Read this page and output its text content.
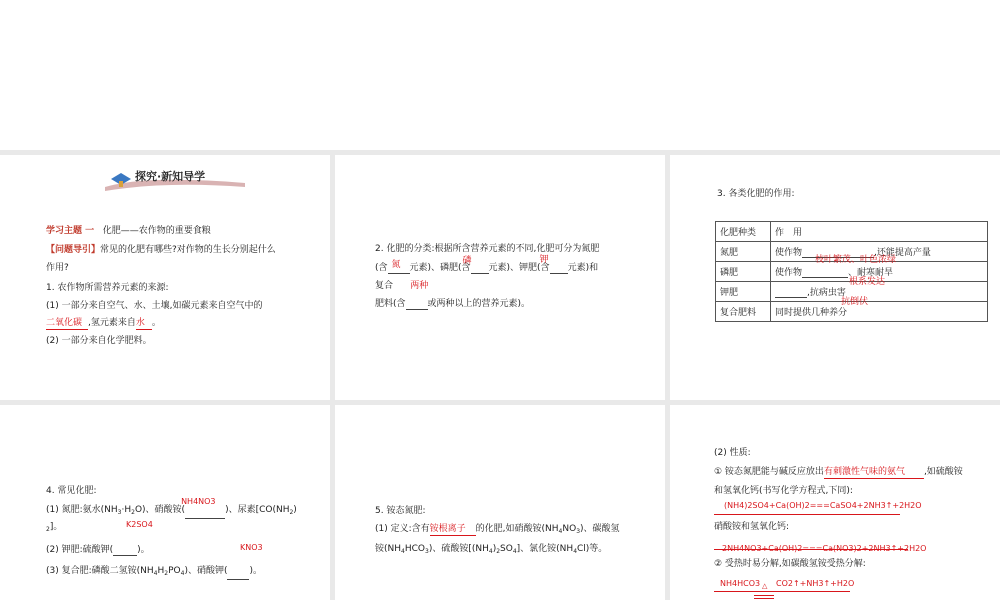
探究·新知导学
学习主题 一 化肥——农作物的重要食粮
【问题导引】常见的化肥有哪些?对作物的生长分别起什么
作用?
1. 农作物所需营养元素的来源:
(1) 一部分来自空气、水、土壤,如碳元素来自空气中的
二氧化碳 ,氢元素来自水 。
(2) 一部分来自化学肥料。
2. 化肥的分类:根据所含营养元素的不同,化肥可分为氮肥
(含 氮 元素)、磷肥(含
磷
元素)、钾肥(含
钾
元素)和
复合 两种
肥料(含 或两种以上的营养元素)。
3. 各类化肥的作用:
化肥种类	作　用
氮肥	使作物 ,还能提高产量
枝叶繁茂、叶色浓绿

磷肥	使作物 、耐寒耐旱
根系发达

钾肥	,抗病虫害
抗倒伏

复合肥料	同时提供几种养分
4. 常见化肥:
(1) 氮肥:氨水$(NH_3\cdot H_2O)$、硝酸铵(
NH4NO3
)、尿素[$CO(NH_2)$
$_2$]。	K2SO4
(2) 钾肥:硫酸钾(	)。	KNO3
(3) 复合肥:磷酸二氢铵$(NH_4H_2PO_4)$、硝酸钾( )。
5. 铵态氮肥:
(1) 定义:含有铵根离子 的化肥,如硝酸铵$(NH_4NO_3)$、碳酸氢
铵$(NH_4HCO_3)$、硫酸铵$[(NH_4)_2SO_4]$、氯化铵$(NH_4Cl)$等。
(2) 性质:
① 铵态氮肥能与碱反应放出有刺激性气味的氨气 ,如硫酸铵
和氢氧化钙(书写化学方程式,下同):
(NH4)2SO4+Ca(OH)2===CaSO4+2NH3↑+2H2O
硝酸铵和氢氧化钙:
2NH4NO3+Ca(OH)2===Ca(NO3)2+2NH3↑+2H2O
② 受热时易分解,如碳酸氢铵受热分解:
NH4HCO3 △ CO2↑+NH3↑+H2O
